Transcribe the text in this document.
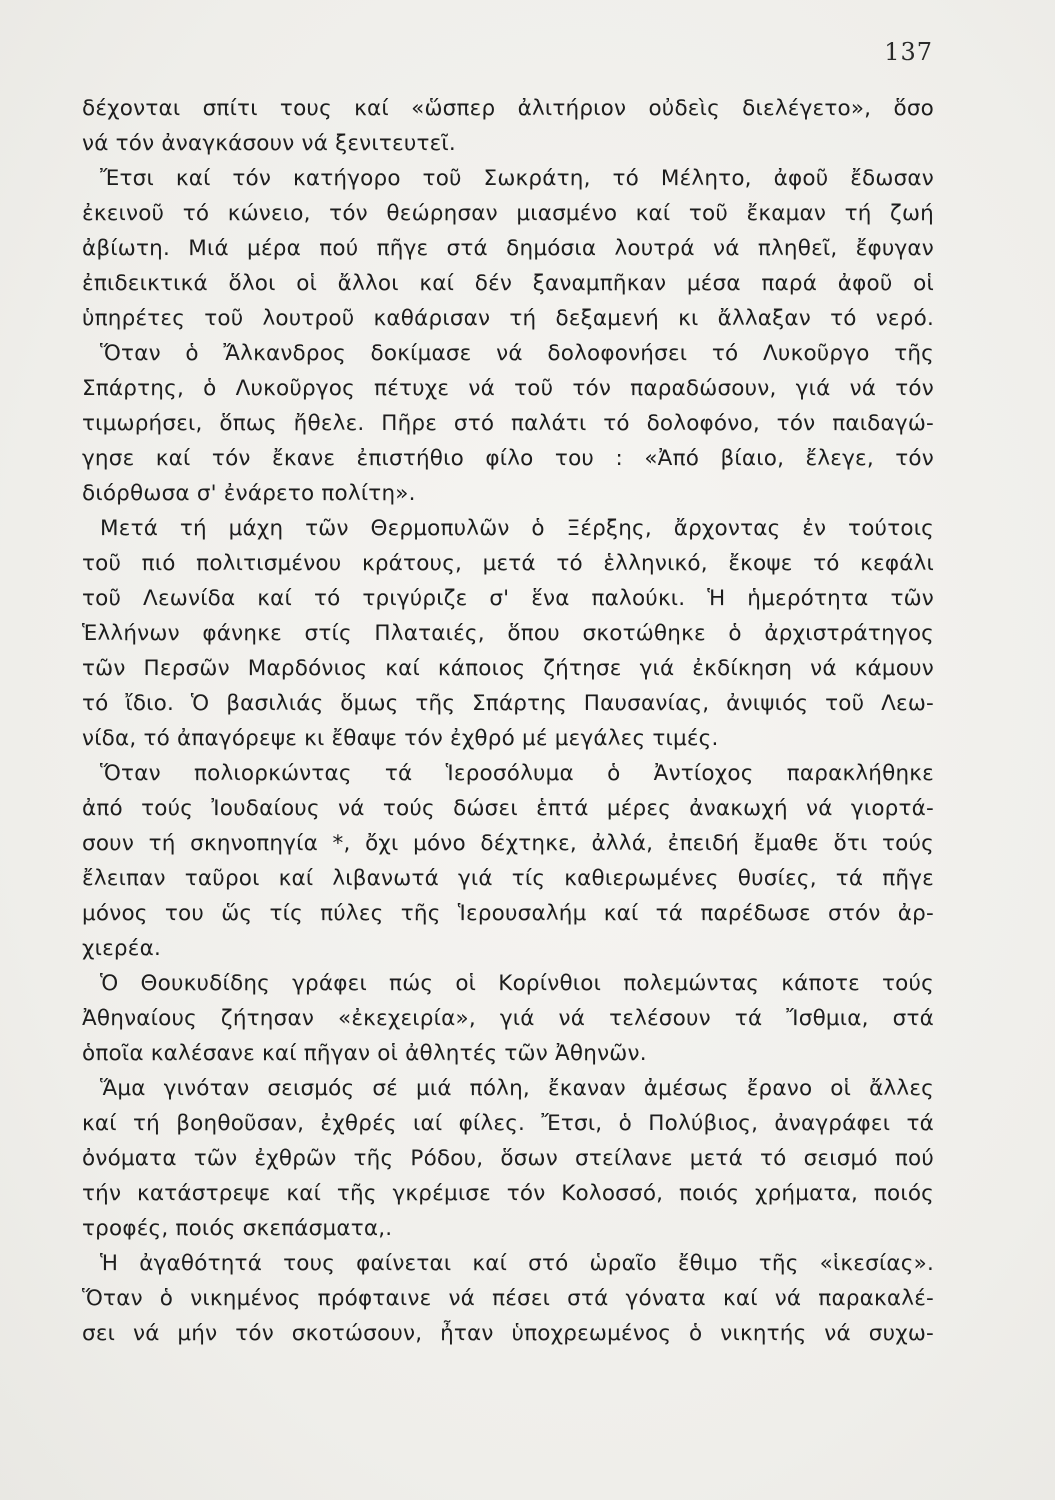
137
δέχονται σπίτι τους καί «ὥσπερ ἀλιτήριον οὐδεὶς διελέγετο», ὅσο
νά τόν ἀναγκάσουν νά ξενιτευτεῖ.
Ἔτσι καί τόν κατήγορο τοῦ Σωκράτη, τό Μέλητο, ἀφοῦ ἔδωσαν
ἐκεινοῦ τό κώνειο, τόν θεώρησαν μιασμένο καί τοῦ ἔκαμαν τή ζωή
ἀβίωτη. Μιά μέρα πού πῆγε στά δημόσια λουτρά νά πληθεῖ, ἔφυγαν
ἐπιδεικτικά ὅλοι οἱ ἄλλοι καί δέν ξαναμπῆκαν μέσα παρά ἀφοῦ οἱ
ὑπηρέτες τοῦ λουτροῦ καθάρισαν τή δεξαμενή κι ἄλλαξαν τό νερό.
Ὅταν ὁ Ἄλκανδρος δοκίμασε νά δολοφονήσει τό Λυκοῦργο τῆς
Σπάρτης, ὁ Λυκοῦργος πέτυχε νά τοῦ τόν παραδώσουν, γιά νά τόν
τιμωρήσει, ὅπως ἤθελε. Πῆρε στό παλάτι τό δολοφόνο, τόν παιδαγώ-
γησε καί τόν ἔκανε ἐπιστήθιο φίλο του : «Ἀπό βίαιο, ἔλεγε, τόν
διόρθωσα σ' ἐνάρετο πολίτη».
Μετά τή μάχη τῶν Θερμοπυλῶν ὁ Ξέρξης, ἄρχοντας ἐν τούτοις
τοῦ πιό πολιτισμένου κράτους, μετά τό ἑλληνικό, ἔκοψε τό κεφάλι
τοῦ Λεωνίδα καί τό τριγύριζε σ' ἕνα παλούκι. Ἡ ἡμερότητα τῶν
Ἑλλήνων φάνηκε στίς Πλαταιές, ὅπου σκοτώθηκε ὁ ἀρχιστράτηγος
τῶν Περσῶν Μαρδόνιος καί κάποιος ζήτησε γιά ἐκδίκηση νά κάμουν
τό ἴδιο. Ὁ βασιλιάς ὅμως τῆς Σπάρτης Παυσανίας, ἀνιψιός τοῦ Λεω-
νίδα, τό ἀπαγόρεψε κι ἔθαψε τόν ἐχθρό μέ μεγάλες τιμές.
Ὅταν πολιορκώντας τά Ἱεροσόλυμα ὁ Ἀντίοχος παρακλήθηκε
ἀπό τούς Ἰουδαίους νά τούς δώσει ἑπτά μέρες ἀνακωχή νά γιορτά-
σουν τή σκηνοπηγία *, ὄχι μόνο δέχτηκε, ἀλλά, ἐπειδή ἔμαθε ὅτι τούς
ἔλειπαν ταῦροι καί λιβανωτά γιά τίς καθιερωμένες θυσίες, τά πῆγε
μόνος του ὥς τίς πύλες τῆς Ἱερουσαλήμ καί τά παρέδωσε στόν ἀρ-
χιερέα.
Ὁ Θουκυδίδης γράφει πώς οἱ Κορίνθιοι πολεμώντας κάποτε τούς
Ἀθηναίους ζήτησαν «ἐκεχειρία», γιά νά τελέσουν τά Ἴσθμια, στά
ὁποῖα καλέσανε καί πῆγαν οἱ ἀθλητές τῶν Ἀθηνῶν.
Ἅμα γινόταν σεισμός σέ μιά πόλη, ἔκαναν ἀμέσως ἔρανο οἱ ἄλλες
καί τή βοηθοῦσαν, ἐχθρές ιαί φίλες. Ἔτσι, ὁ Πολύβιος, ἀναγράφει τά
ὀνόματα τῶν ἐχθρῶν τῆς Ρόδου, ὅσων στείλανε μετά τό σεισμό πού
τήν κατάστρεψε καί τῆς γκρέμισε τόν Κολοσσό, ποιός χρήματα, ποιός
τροφές, ποιός σκεπάσματα,.
Ἡ ἀγαθότητά τους φαίνεται καί στό ὡραῖο ἔθιμο τῆς «ἱκεσίας».
Ὅταν ὁ νικημένος πρόφταινε νά πέσει στά γόνατα καί νά παρακαλέ-
σει νά μήν τόν σκοτώσουν, ἦταν ὑποχρεωμένος ὁ νικητής νά συχω-
